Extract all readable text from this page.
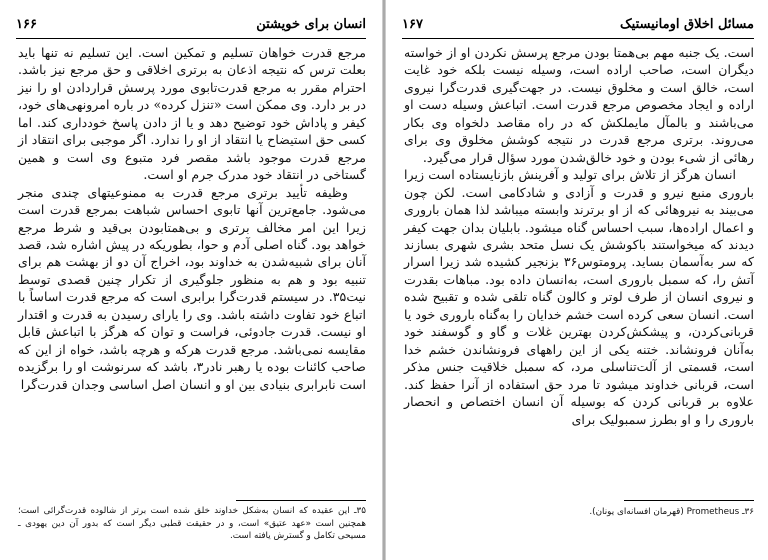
انسان برای خویشتن
۱۶۶

مرجع قدرت خواهان تسلیم و تمکین است. این تسلیم نه تنها باید بعلت ترس که نتیجه اذعان به برتری اخلاقی و حق مرجع نیز باشد. احترام مقرر به مرجع قدرت‌تابوی مورد پرسش قراردادن او را نیز در بر دارد. وی ممکن است «تنزل کرده» در باره امرونهی‌های خود، کیفر و پاداش خود توضیح دهد و یا از دادن پاسخ خودداری کند. اما کسی حق استیضاح یا انتقاد از او را ندارد. اگر موجبی برای انتقاد از مرجع قدرت موجود باشد مقصر فرد متبوع وی است و همین گستاخی در انتقاد خود مدرک جرم او است.

وظیفه تأیید برتری مرجع قدرت به ممنوعیتهای چندی منجر می‌شود. جامع‌ترین آنها تابوی احساس شباهت بمرجع قدرت است زیرا این امر مخالف برتری و بی‌همتابودن بی‌قید و شرط مرجع خواهد بود. گناه اصلی آدم و حوا، بطوریکه در پیش اشاره شد، قصد آنان برای شبیه‌شدن به خداوند بود، اخراج آن دو از بهشت هم برای تنبیه بود و هم به منظور جلوگیری از تکرار چنین قصدی توسط نیت۳۵. در سیستم قدرت‌گرا برابری است که مرجع قدرت اساساً با اتباع خود تفاوت داشته باشد. وی را یارای رسیدن به قدرت و اقتدار او نیست. قدرت جادوئی، فراست و توان که هرگز با اتباعش قابل مقایسه نمی‌باشد. مرجع قدرت هرکه و هرچه باشد، خواه از این که صاحب کائنات بوده یا رهبر نادر۳، باشد که سرنوشت او را برگزیده است نابرابری بنیادی بین او و انسان اصل اساسی وجدان قدرت‌گرا

۳۵ـ این عقیده که انسان به‌شکل خداوند خلق شده است برتر از شالوده قدرت‌گرائی است؛ همچنین است «عهد عتیق» است، و در حقیقت قطبی دیگر است که بدور آن دین یهودی ـ مسیحی تکامل و گسترش یافته است.
مسائل اخلاق اومانیستیک
۱۶۷

است. یک جنبه مهم بی‌همتا بودن مرجع پرسش نکردن او از خواسته دیگران است، صاحب اراده است، وسیله نیست بلکه خود غایت است، خالق است و مخلوق نیست. در جهت‌گیری قدرت‌گرا نیروی اراده و ایجاد مخصوص مرجع قدرت است. اتباعش وسیله دست او می‌باشند و بالمآل مایملکش که در راه مقاصد دلخواه وی بکار می‌روند. برتری مرجع قدرت در نتیجه کوشش مخلوق وی برای رهائی از شیء بودن و خود خالق‌شدن مورد سؤال قرار می‌گیرد.

انسان هرگز از تلاش برای تولید و آفرینش بازنایستاده است زیرا باروری منبع نیرو و قدرت و آزادی و شادکامی است. لکن چون می‌بیند به نیروهائی که از او برترند وابسته میباشد لذا همان باروری و اعمال اراده‌ها، سبب احساس گناه میشود. بابلیان بدان جهت کیفر دیدند که میخواستند باکوشش یک نسل متحد بشری شهری بسازند که سر به‌آسمان بساید. پرومتوس۳۶ بزنجیر کشیده شد زیرا اسرار آتش را، که سمبل باروری است، به‌انسان داده بود. مباهات بقدرت و نیروی انسان از طرف لوتر و کالون گناه تلقی شده و تقبیح شده است. انسان سعی کرده است خشم خدایان را به‌گناه باروری خود یا قربانی‌کردن، و پیشکش‌کردن بهترین غلات و گاو و گوسفند خود به‌آنان فرونشاند. ختنه یکی از این راههای فرونشاندن خشم خدا است، قسمتی از آلت‌تناسلی مرد، که سمبل خلاقیت جنس مذکر است، قربانی خداوند میشود تا مرد حق استفاده از آنرا حفظ کند. علاوه بر قربانی کردن که بوسیله آن انسان اختصاص و انحصار باروری را و او بطرز سمبولیک برای

۳۶ـ Prometheus (قهرمان افسانه‌ای یونان).
